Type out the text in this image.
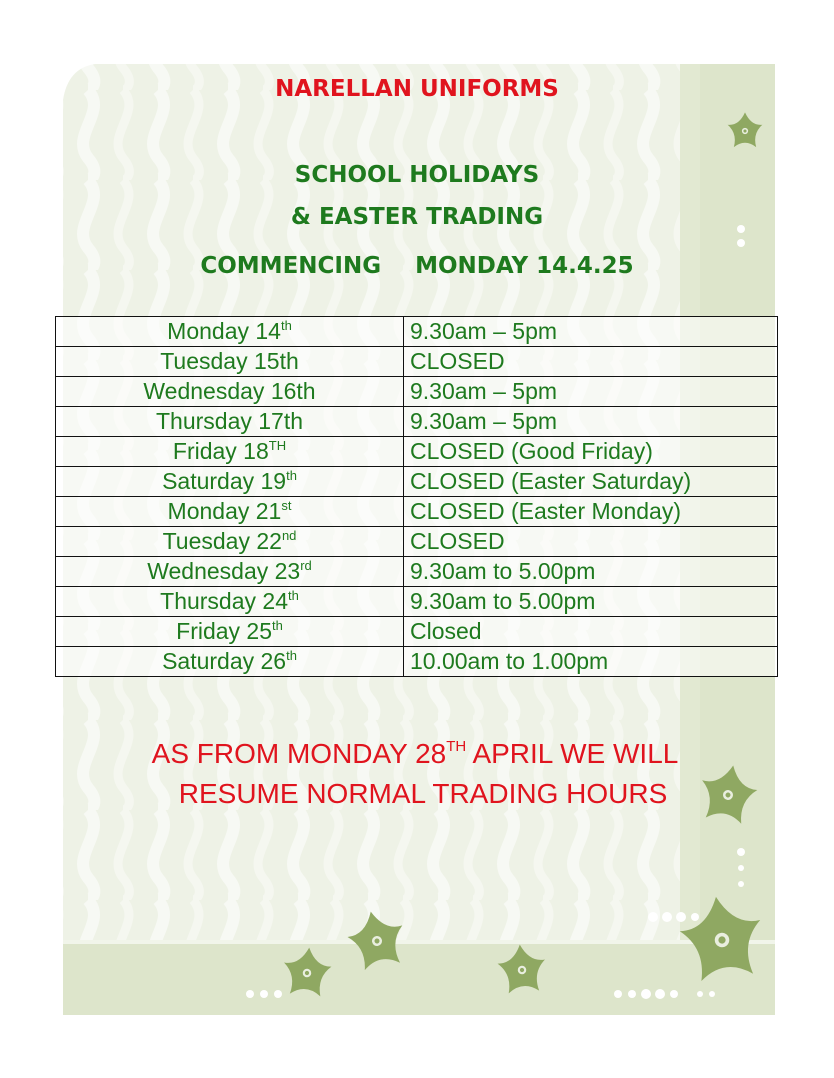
NARELLAN UNIFORMS
SCHOOL HOLIDAYS
& EASTER TRADING
COMMENCING MONDAY 14.4.25
Monday 14th	9.30am – 5pm
Tuesday 15th	CLOSED
Wednesday 16th	9.30am – 5pm
Thursday 17th	9.30am – 5pm
Friday 18TH	CLOSED (Good Friday)
Saturday 19th	CLOSED (Easter Saturday)
Monday 21st	CLOSED (Easter Monday)
Tuesday 22nd	CLOSED
Wednesday 23rd	9.30am to 5.00pm
Thursday 24th	9.30am to 5.00pm
Friday 25th	Closed
Saturday 26th	10.00am to 1.00pm
AS FROM MONDAY 28TH APRIL WE WILL
RESUME NORMAL TRADING HOURS
